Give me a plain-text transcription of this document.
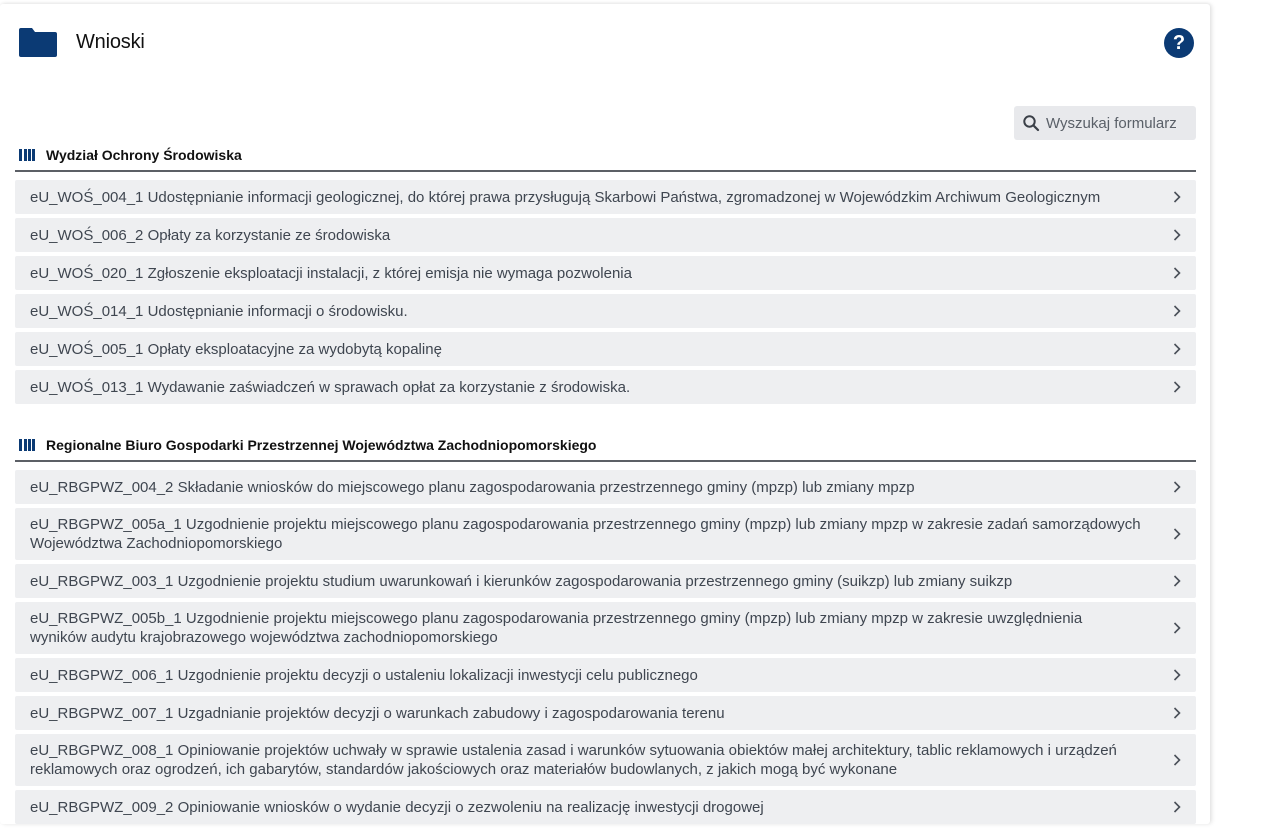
Wnioski	?
Wyszukaj formularz
Wydział Ochrony Środowiska
eU_WOŚ_004_1 Udostępnianie informacji geologicznej, do której prawa przysługują Skarbowi Państwa, zgromadzonej w Wojewódzkim Archiwum Geologicznym
eU_WOŚ_006_2 Opłaty za korzystanie ze środowiska
eU_WOŚ_020_1 Zgłoszenie eksploatacji instalacji, z której emisja nie wymaga pozwolenia
eU_WOŚ_014_1 Udostępnianie informacji o środowisku.
eU_WOŚ_005_1 Opłaty eksploatacyjne za wydobytą kopalinę
eU_WOŚ_013_1 Wydawanie zaświadczeń w sprawach opłat za korzystanie z środowiska.
Regionalne Biuro Gospodarki Przestrzennej Województwa Zachodniopomorskiego
eU_RBGPWZ_004_2 Składanie wniosków do miejscowego planu zagospodarowania przestrzennego gminy (mpzp) lub zmiany mpzp
eU_RBGPWZ_005a_1 Uzgodnienie projektu miejscowego planu zagospodarowania przestrzennego gminy (mpzp) lub zmiany mpzp w zakresie zadań samorządowych Województwa Zachodniopomorskiego
eU_RBGPWZ_003_1 Uzgodnienie projektu studium uwarunkowań i kierunków zagospodarowania przestrzennego gminy (suikzp) lub zmiany suikzp
eU_RBGPWZ_005b_1 Uzgodnienie projektu miejscowego planu zagospodarowania przestrzennego gminy (mpzp) lub zmiany mpzp w zakresie uwzględnienia wyników audytu krajobrazowego województwa zachodniopomorskiego
eU_RBGPWZ_006_1 Uzgodnienie projektu decyzji o ustaleniu lokalizacji inwestycji celu publicznego
eU_RBGPWZ_007_1 Uzgadnianie projektów decyzji o warunkach zabudowy i zagospodarowania terenu
eU_RBGPWZ_008_1 Opiniowanie projektów uchwały w sprawie ustalenia zasad i warunków sytuowania obiektów małej architektury, tablic reklamowych i urządzeń reklamowych oraz ogrodzeń, ich gabarytów, standardów jakościowych oraz materiałów budowlanych, z jakich mogą być wykonane
eU_RBGPWZ_009_2 Opiniowanie wniosków o wydanie decyzji o zezwoleniu na realizację inwestycji drogowej
